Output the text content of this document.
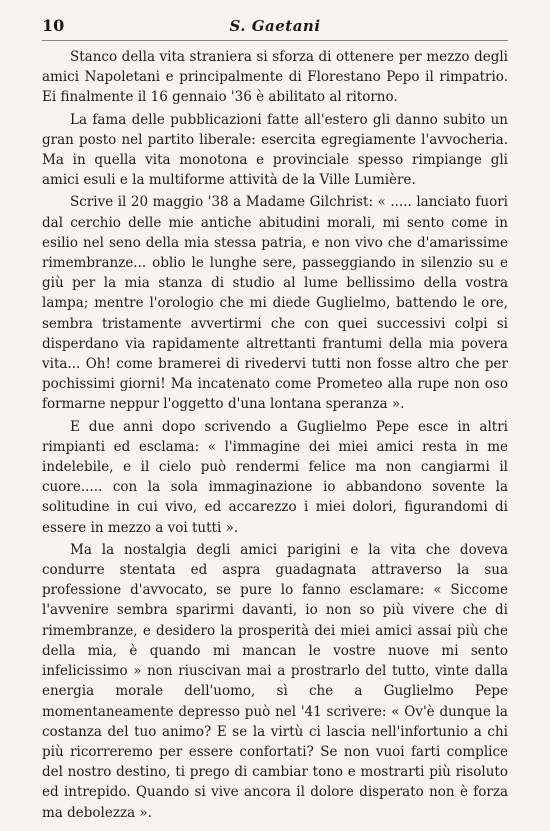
10	S. Gaetani

Stanco della vita straniera si sforza di ottenere per mezzo degli amici Napoletani e principalmente di Florestano Pepo il rimpatrio. Ei finalmente il 16 gennaio '36 è abilitato al ritorno.

La fama delle pubblicazioni fatte all'estero gli danno subito un gran posto nel partito liberale: esercita egregiamente l'avvocheria. Ma in quella vita monotona e provinciale spesso rimpiange gli amici esuli e la multiforme attività de la Ville Lumière.

Scrive il 20 maggio '38 a Madame Gilchrist: « ..... lanciato fuori dal cerchio delle mie antiche abitudini morali, mi sento come in esilio nel seno della mia stessa patria, e non vivo che d'amarissime rimembranze... oblio le lunghe sere, passeggiando in silenzio su e giù per la mia stanza di studio al lume bellissimo della vostra lampa; mentre l'orologio che mi diede Guglielmo, battendo le ore, sembra tristamente avvertirmi che con quei successivi colpi si disperdano via rapidamente altrettanti frantumi della mia povera vita... Oh! come bramerei di rivedervi tutti non fosse altro che per pochissimi giorni! Ma incatenato come Prometeo alla rupe non oso formarne neppur l'oggetto d'una lontana speranza ».

E due anni dopo scrivendo a Guglielmo Pepe esce in altri rimpianti ed esclama: « l'immagine dei miei amici resta in me indelebile, e il cielo può rendermi felice ma non cangiarmi il cuore..... con la sola immaginazione io abbandono sovente la solitudine in cui vivo, ed accarezzo i miei dolori, figurandomi di essere in mezzo a voi tutti ».

Ma la nostalgia degli amici parigini e la vita che doveva condurre stentata ed aspra guadagnata attraverso la sua professione d'avvocato, se pure lo fanno esclamare: « Siccome l'avvenire sembra sparirmi davanti, io non so più vivere che di rimembranze, e desidero la prosperità dei miei amici assai più che della mia, è quando mi mancan le vostre nuove mi sento infelicissimo » non riuscivan mai a prostrarlo del tutto, vinte dalla energia morale dell'uomo, sì che a Guglielmo Pepe momentaneamente depresso può nel '41 scrivere: « Ov'è dunque la costanza del tuo animo? E se la virtù ci lascia nell'infortunio a chi più ricorreremo per essere confortati? Se non vuoi farti complice del nostro destino, ti prego di cambiar tono e mostrarti più risoluto ed intrepido. Quando si vive ancora il dolore disperato non è forza ma debolezza ».
